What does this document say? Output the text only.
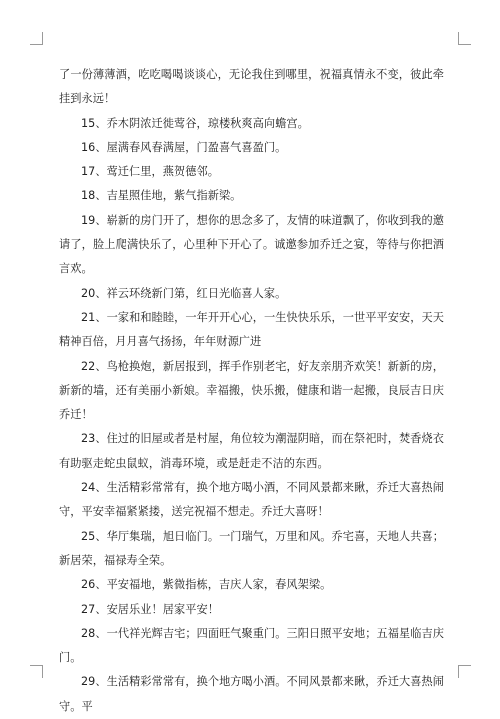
了一份薄薄酒，吃吃喝喝谈谈心，无论我住到哪里，祝福真情永不变，彼此牵挂到永远！

15、乔木阴浓迁徙莺谷，琼楼秋爽高向蟾宫。

16、屋满春风春满屋，门盈喜气喜盈门。

17、莺迁仁里，燕贺德邻。

18、吉星照佳地，紫气指新梁。

19、崭新的房门开了，想你的思念多了，友情的味道飘了，你收到我的邀请了，脸上爬满快乐了，心里种下开心了。诚邀参加乔迁之宴，等待与你把酒言欢。

20、祥云环绕新门第，红日光临喜人家。

21、一家和和睦睦，一年开开心心，一生快快乐乐，一世平平安安，天天精神百倍，月月喜气扬扬，年年财源广进

22、鸟枪换炮，新居报到，挥手作别老宅，好友亲朋齐欢笑！新新的房，新新的墙，还有美丽小新娘。幸福搬，快乐搬，健康和谐一起搬，良辰吉日庆乔迁！

23、住过的旧屋或者是村屋，角位较为潮湿阴暗，而在祭祀时，焚香烧衣有助驱走蛇虫鼠蚁，消毒环境，或是赶走不洁的东西。

24、生活精彩常常有，换个地方喝小酒，不同风景都来瞅，乔迁大喜热闹守，平安幸福紧紧搂，送完祝福不想走。乔迁大喜呀！

25、华厅集瑞，旭日临门。一门瑞气，万里和风。乔宅喜，天地人共喜；新居荣，福禄寿全荣。

26、平安福地，紫微指栋，吉庆人家，春风架梁。

27、安居乐业！居家平安！

28、一代祥光辉吉宅；四面旺气聚重门。三阳日照平安地；五福星临吉庆门。

29、生活精彩常常有，换个地方喝小酒。不同风景都来瞅，乔迁大喜热闹守。平
